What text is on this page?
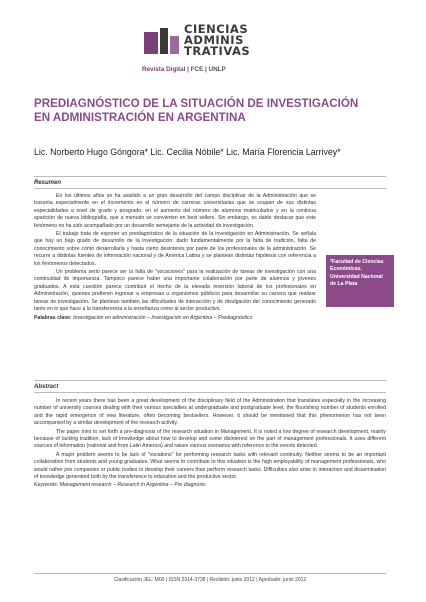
CIENCIAS
ADMINIS
TRATIVAS
Revista Digital | FCE | UNLP
PREDIAGNÓSTICO DE LA SITUACIÓN DE INVESTIGACIÓN EN ADMINISTRACIÓN EN ARGENTINA
Lic. Norberto Hugo Góngora* Lic. Cecilia Nóbile* Lic. María Florencia Larrivey*
Resumen

En los últimos años se ha asistido a un gran desarrollo del campo disciplinar de la Administración que se trasunta especialmente en el incremento en el número de carreras universitarias que se ocupan de sus distintas especialidades a nivel de grado y posgrado, en el aumento del número de alumnos matriculados y en la continua aparición de nueva bibliografía, que a menudo se convierten en best sellers. Sin embargo, es dable destacar que este fenómeno no ha sido acompañado por un desarrollo semejante de la actividad de investigación.

El trabajo trata de esponer un prediagnóstico de la situación de la investigación en Administración. Se señala que hay un bajo grado de desarrollo de la investigación, dado fundamentalmente por la falta de tradición, falta de conocimiento sobre cómo desarrollarla y hasta cierto desinterés por parte de los profesionales de la administración. Se recurre a distintas fuentes de información nacional y de América Latina y se plantean distintas hipótesis con referencia a los fenómenos detectados.

Un problema serio parece ser la falta de "vocaciones" para la realización de tareas de investigación con una continuidad de importancia. Tampoco parece haber una importante colaboración por parte de alumnos y jóvenes graduados. A esta cuestión parece contribuir el hecho de la elevada inserción laboral de los profesionales en Administración, quienes prefieren ingresar a empresas u organismos públicos para desarrollar su carrera que realizar tareas de investigación. Se plantean también las dificultades de interacción y de divulgación del conocimiento generado tanto en lo que hace a la transferencia a la enseñanza como al sector productivo.

Palabras clave: Investigación en administración – Investigación en Argentina – Prediagnóstico

*Facultad de Ciencias Económicas. Universidad Nacional de La Plata
Abstract

In recent years there has been a great development of the disciplinary field of the Administration that translates especially in the increasing number of university courses dealing with their various specialties at undergraduate and postgraduate level, the flourishing number of students enrolled and the rapid emergence of new literature, often becoming bestsellers. However, it should be mentioned that this phenomenon has not been accompanied by a similar development of the research activity.

The paper tries to set forth a pre-diagnosis of the research situation in Management. It is noted a low degree of research development, mainly because of lacking tradition, lack of knowledge about how to develop and some disinterest on the part of management professionals. It uses different sources of information (national and from Latin America) and raises various scenarios with reference to the events detected.

A major problem seems to be lack of "vocations" for performing research tasks with relevant continuity. Neither seems to be an important collaboration from students and young graduates. What seems to contribute to this situation is the high employability of management professionals, who would rather join companies or public bodies to develop their careers than perform research tasks. Difficulties also arise in interaction and dissemination of knowledge generated both by the transference to education and the productive sector.

Keywords: Management research – Research in Argentina – Pre diagnosis

Clasificación JEL: M00 | ISSN 2314-3738 | Recibido: junio 2012 | Aprobado: junio 2012
